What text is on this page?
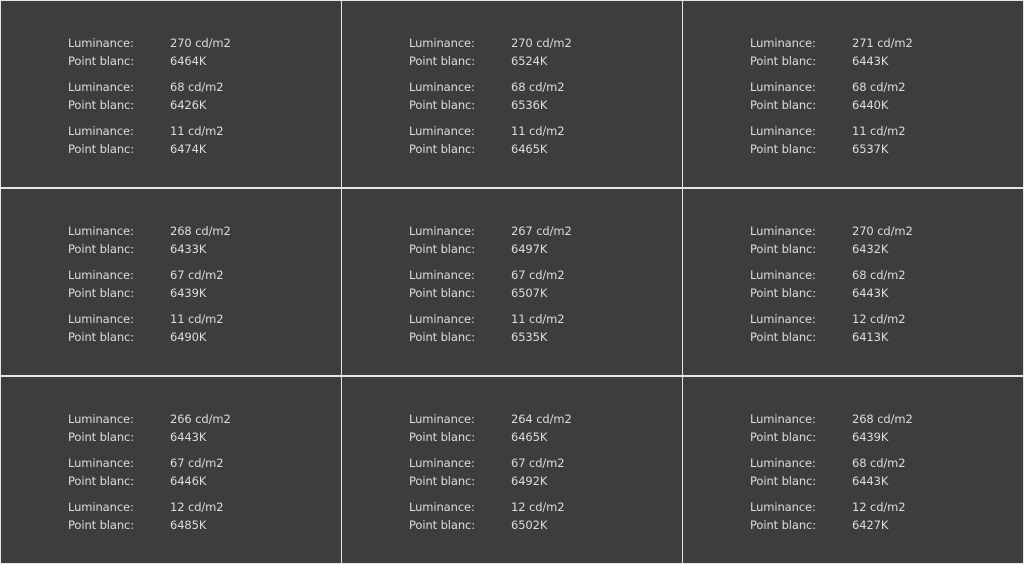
Luminance:	270 cd/m2
Point blanc:	6464K
Luminance:	68 cd/m2
Point blanc:	6426K
Luminance:	11 cd/m2
Point blanc:	6474K
Luminance:	270 cd/m2
Point blanc:	6524K
Luminance:	68 cd/m2
Point blanc:	6536K
Luminance:	11 cd/m2
Point blanc:	6465K
Luminance:	271 cd/m2
Point blanc:	6443K
Luminance:	68 cd/m2
Point blanc:	6440K
Luminance:	11 cd/m2
Point blanc:	6537K
Luminance:	268 cd/m2
Point blanc:	6433K
Luminance:	67 cd/m2
Point blanc:	6439K
Luminance:	11 cd/m2
Point blanc:	6490K
Luminance:	267 cd/m2
Point blanc:	6497K
Luminance:	67 cd/m2
Point blanc:	6507K
Luminance:	11 cd/m2
Point blanc:	6535K
Luminance:	270 cd/m2
Point blanc:	6432K
Luminance:	68 cd/m2
Point blanc:	6443K
Luminance:	12 cd/m2
Point blanc:	6413K
Luminance:	266 cd/m2
Point blanc:	6443K
Luminance:	67 cd/m2
Point blanc:	6446K
Luminance:	12 cd/m2
Point blanc:	6485K
Luminance:	264 cd/m2
Point blanc:	6465K
Luminance:	67 cd/m2
Point blanc:	6492K
Luminance:	12 cd/m2
Point blanc:	6502K
Luminance:	268 cd/m2
Point blanc:	6439K
Luminance:	68 cd/m2
Point blanc:	6443K
Luminance:	12 cd/m2
Point blanc:	6427K
